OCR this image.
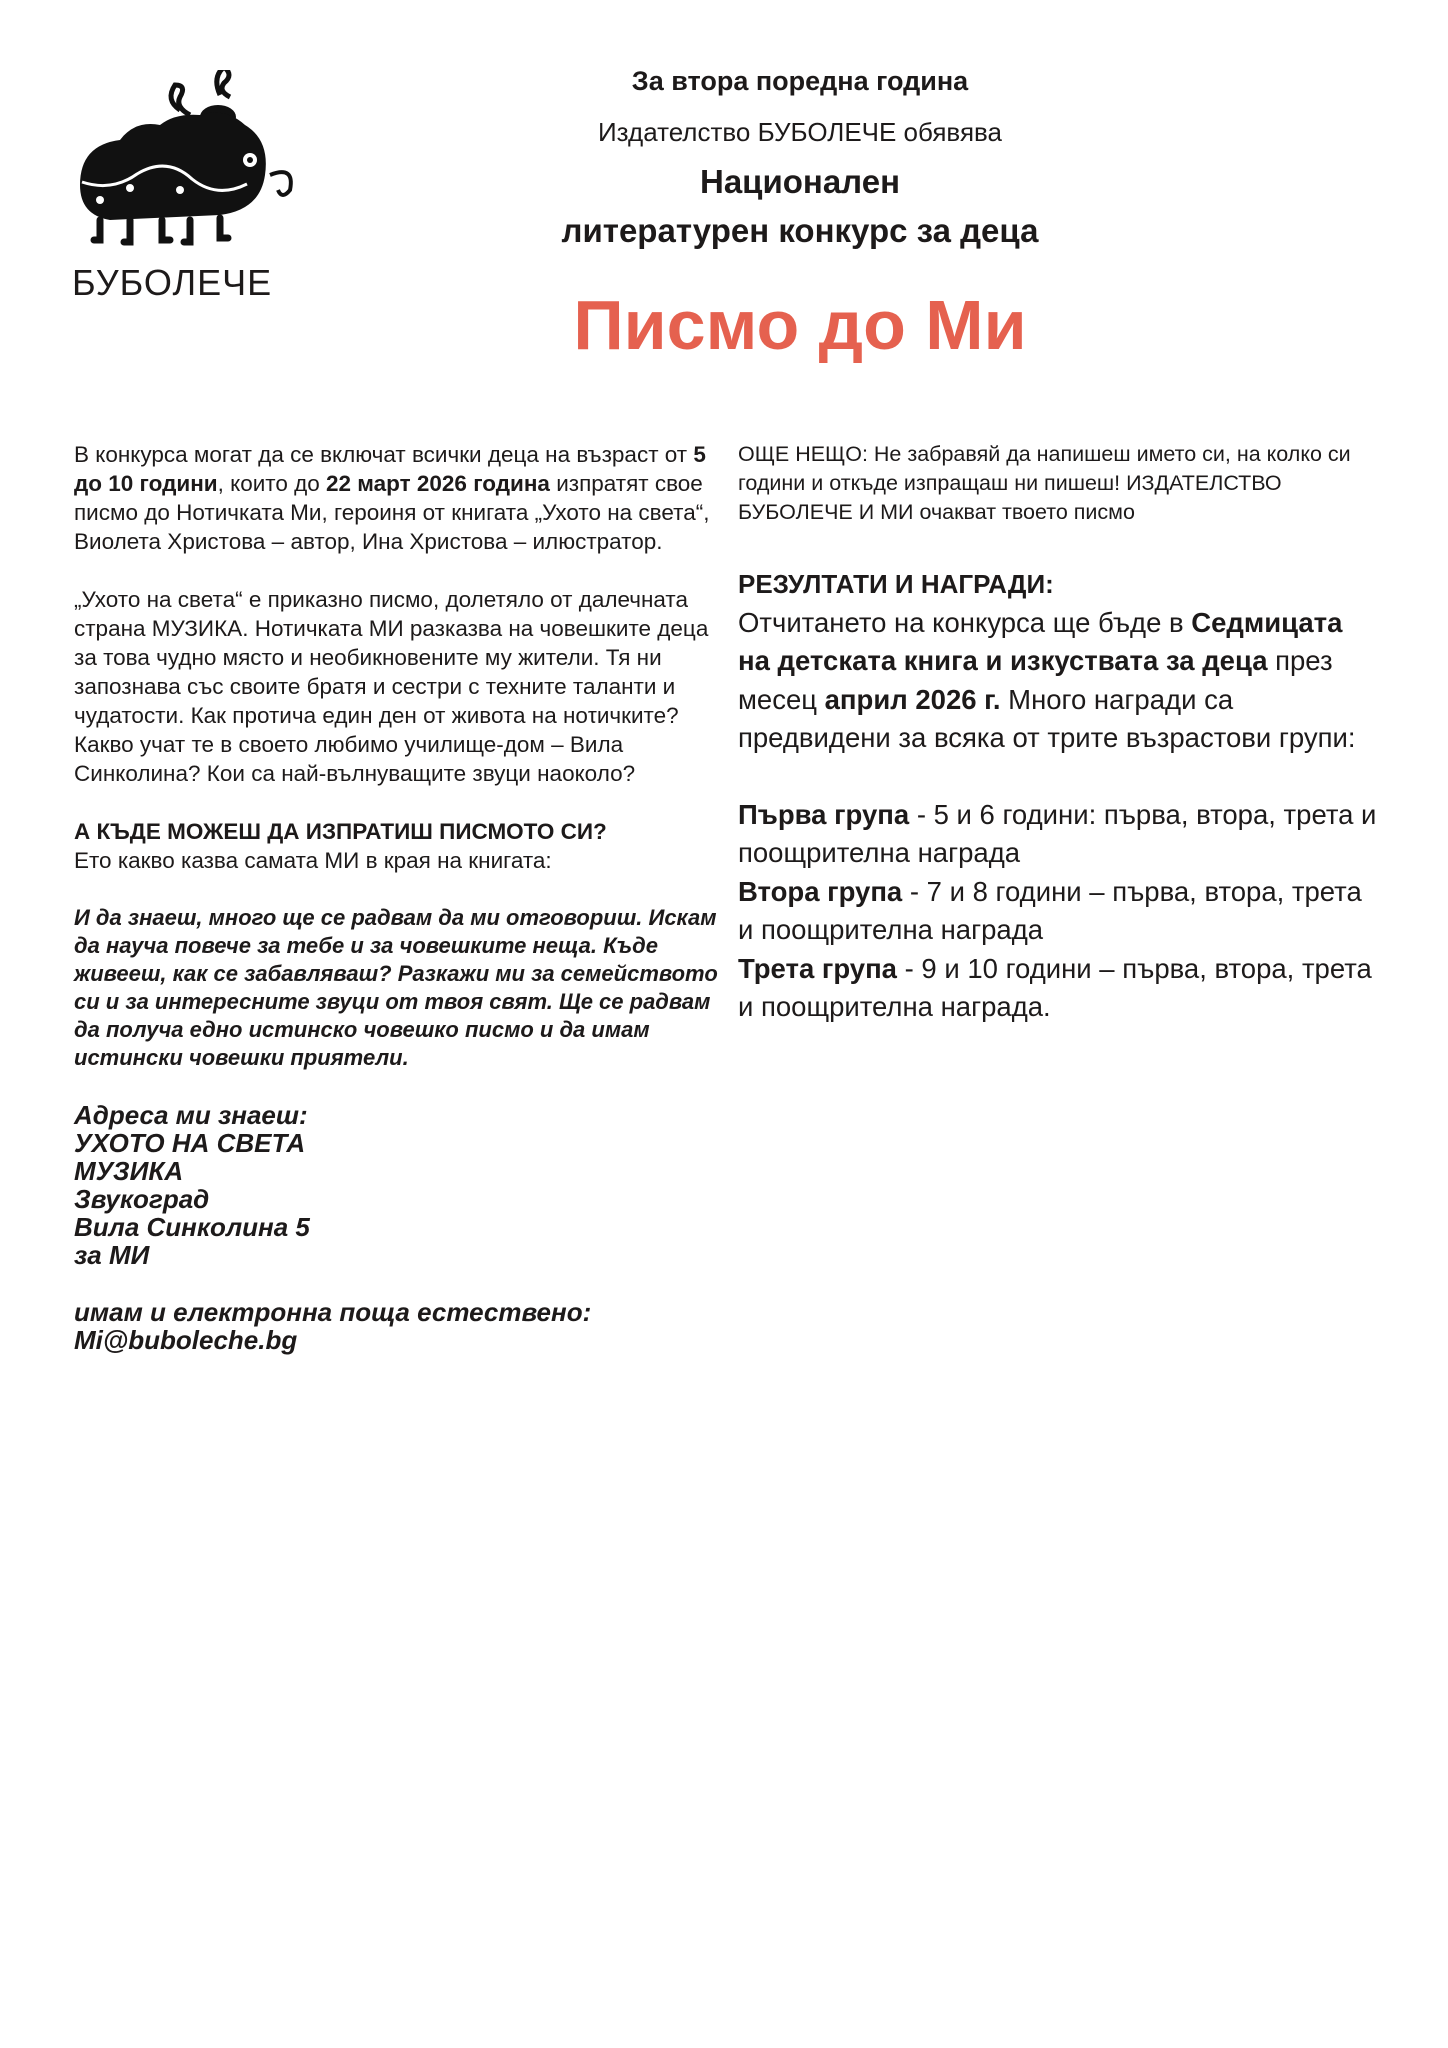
БУБОЛЕЧЕ
За втора поредна година
Издателство БУБОЛЕЧЕ обявява
Национален
литературен конкурс за деца
Писмо до Ми

В конкурса могат да се включат всички деца на възраст от 5 до 10 години, които до 22 март 2026 година изпратят свое писмо до Нотичката Ми, героиня от книгата „Ухото на света“, Виолета Христова – автор, Ина Христова – илюстратор.

„Ухото на света“ е приказно писмо, долетяло от далечната страна МУЗИКА. Нотичката МИ разказва на човешките деца за това чудно място и необикновените му жители. Тя ни запознава със своите братя и сестри с техните таланти и чудатости. Как протича един ден от живота на ноτичките? Какво учат те в своето любимо училище-дом – Вила Синколина? Кои са най-вълнуващите звуци наоколо?

А КЪДЕ МОЖЕШ ДА ИЗПРАТИШ ПИСМОТО СИ?

Ето какво казва самата МИ в края на книгата:

И да знаеш, много ще се радвам да ми отговориш. Искам да науча повече за тебе и за човешките неща. Къде живееш, как се забавляваш? Разкажи ми за семейството си и за интересните звуци от твоя свят. Ще се радвам да получа едно истинско човешко писмо и да имам истински човешки приятели.

Адреса ми знаеш:
УХОТО НА СВЕТА
МУЗИКА
Звукоград
Вила Синколина 5
за МИ
имам и електронна поща естествено:
Mi@buboleche.bg

ОЩЕ НЕЩО: Не забравяй да напишеш името си, на колко си години и откъде изпращаш ни пишеш! ИЗДАТЕЛСТВО БУБОЛЕЧЕ И МИ очакват твоето писмо

РЕЗУЛТАТИ И НАГРАДИ:
Отчитането на конкурса ще бъде в Седмицата на детската книга и изкуствата за деца през месец април 2026 г. Много награди са предвидени за всяка от трите възрастови групи:
Първа група - 5 и 6 години: първа, втора, трета и поощрителна награда
Втора група - 7 и 8 години – първа, втора, трета и поощрителна награда
Трета група - 9 и 10 години – първа, втора, трета и поощрителна награда.
